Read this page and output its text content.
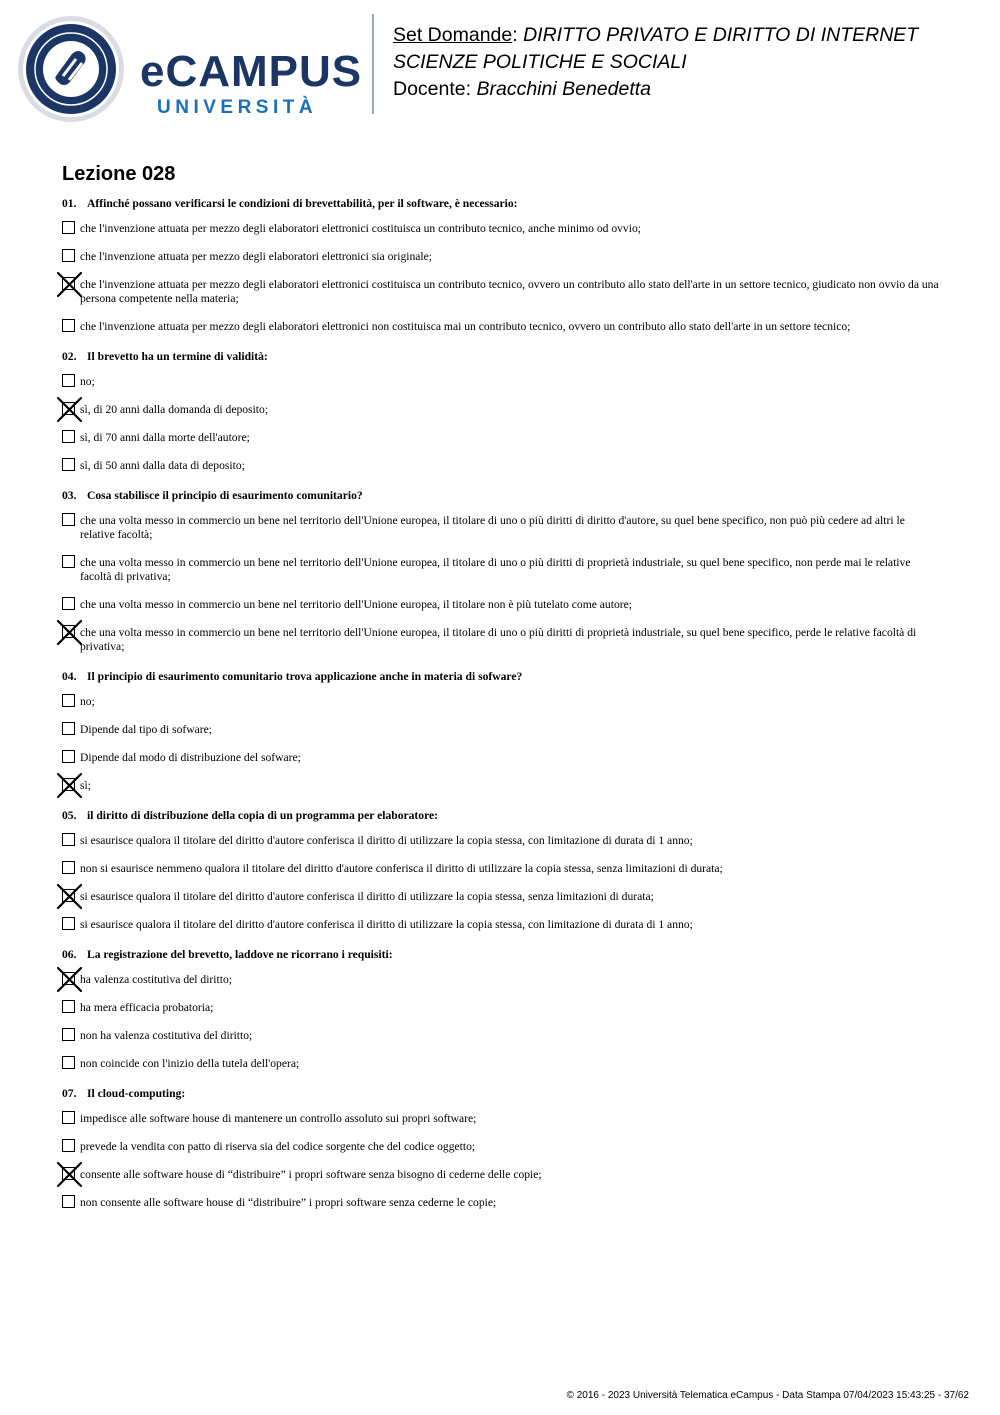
eCAMPUS
UNIVERSITÀ
Set Domande: DIRITTO PRIVATO E DIRITTO DI INTERNET
SCIENZE POLITICHE E SOCIALI
Docente: Bracchini Benedetta
Lezione 028
01. Affinché possano verificarsi le condizioni di brevettabilità, per il software, è necessario:
che l'invenzione attuata per mezzo degli elaboratori elettronici costituisca un contributo tecnico, anche minimo od ovvio;
che l'invenzione attuata per mezzo degli elaboratori elettronici sia originale;
che l'invenzione attuata per mezzo degli elaboratori elettronici costituisca un contributo tecnico, ovvero un contributo allo stato dell'arte in un settore tecnico, giudicato non ovvio da una persona competente nella materia;
che l'invenzione attuata per mezzo degli elaboratori elettronici non costituisca mai un contributo tecnico, ovvero un contributo allo stato dell'arte in un settore tecnico;
02. Il brevetto ha un termine di validità:
no;
sì, di 20 anni dalla domanda di deposito;
sì, di 70 anni dalla morte dell'autore;
sì, di 50 anni dalla data di deposito;
03. Cosa stabilisce il principio di esaurimento comunitario?
che una volta messo in commercio un bene nel territorio dell'Unione europea, il titolare di uno o più diritti di diritto d'autore, su quel bene specifico, non può più cedere ad altri le relative facoltà;
che una volta messo in commercio un bene nel territorio dell'Unione europea, il titolare di uno o più diritti di proprietà industriale, su quel bene specifico, non perde mai le relative facoltà di privativa;
che una volta messo in commercio un bene nel territorio dell'Unione europea, il titolare non è più tutelato come autore;
che una volta messo in commercio un bene nel territorio dell'Unione europea, il titolare di uno o più diritti di proprietà industriale, su quel bene specifico, perde le relative facoltà di privativa;
04. Il principio di esaurimento comunitario trova applicazione anche in materia di sofware?
no;
Dipende dal tipo di sofware;
Dipende dal modo di distribuzione del sofware;
sì;
05. il diritto di distribuzione della copia di un programma per elaboratore:
si esaurisce qualora il titolare del diritto d'autore conferisca il diritto di utilizzare la copia stessa, con limitazione di durata di 1 anno;
non si esaurisce nemmeno qualora il titolare del diritto d'autore conferisca il diritto di utilizzare la copia stessa, senza limitazioni di durata;
si esaurisce qualora il titolare del diritto d'autore conferisca il diritto di utilizzare la copia stessa, senza limitazioni di durata;
si esaurisce qualora il titolare del diritto d'autore conferisca il diritto di utilizzare la copia stessa, con limitazione di durata di 1 anno;
06. La registrazione del brevetto, laddove ne ricorrano i requisiti:
ha valenza costitutiva del diritto;
ha mera efficacia probatoria;
non ha valenza costitutiva del diritto;
non coincide con l'inizio della tutela dell'opera;
07. Il cloud-computing:
impedisce alle software house di mantenere un controllo assoluto sui propri software;
prevede la vendita con patto di riserva sia del codice sorgente che del codice oggetto;
consente alle software house di “distribuire” i propri software senza bisogno di cederne delle copie;
non consente alle software house di “distribuire” i propri software senza cederne le copie;
© 2016 - 2023 Università Telematica eCampus - Data Stampa 07/04/2023 15:43:25 - 37/62
